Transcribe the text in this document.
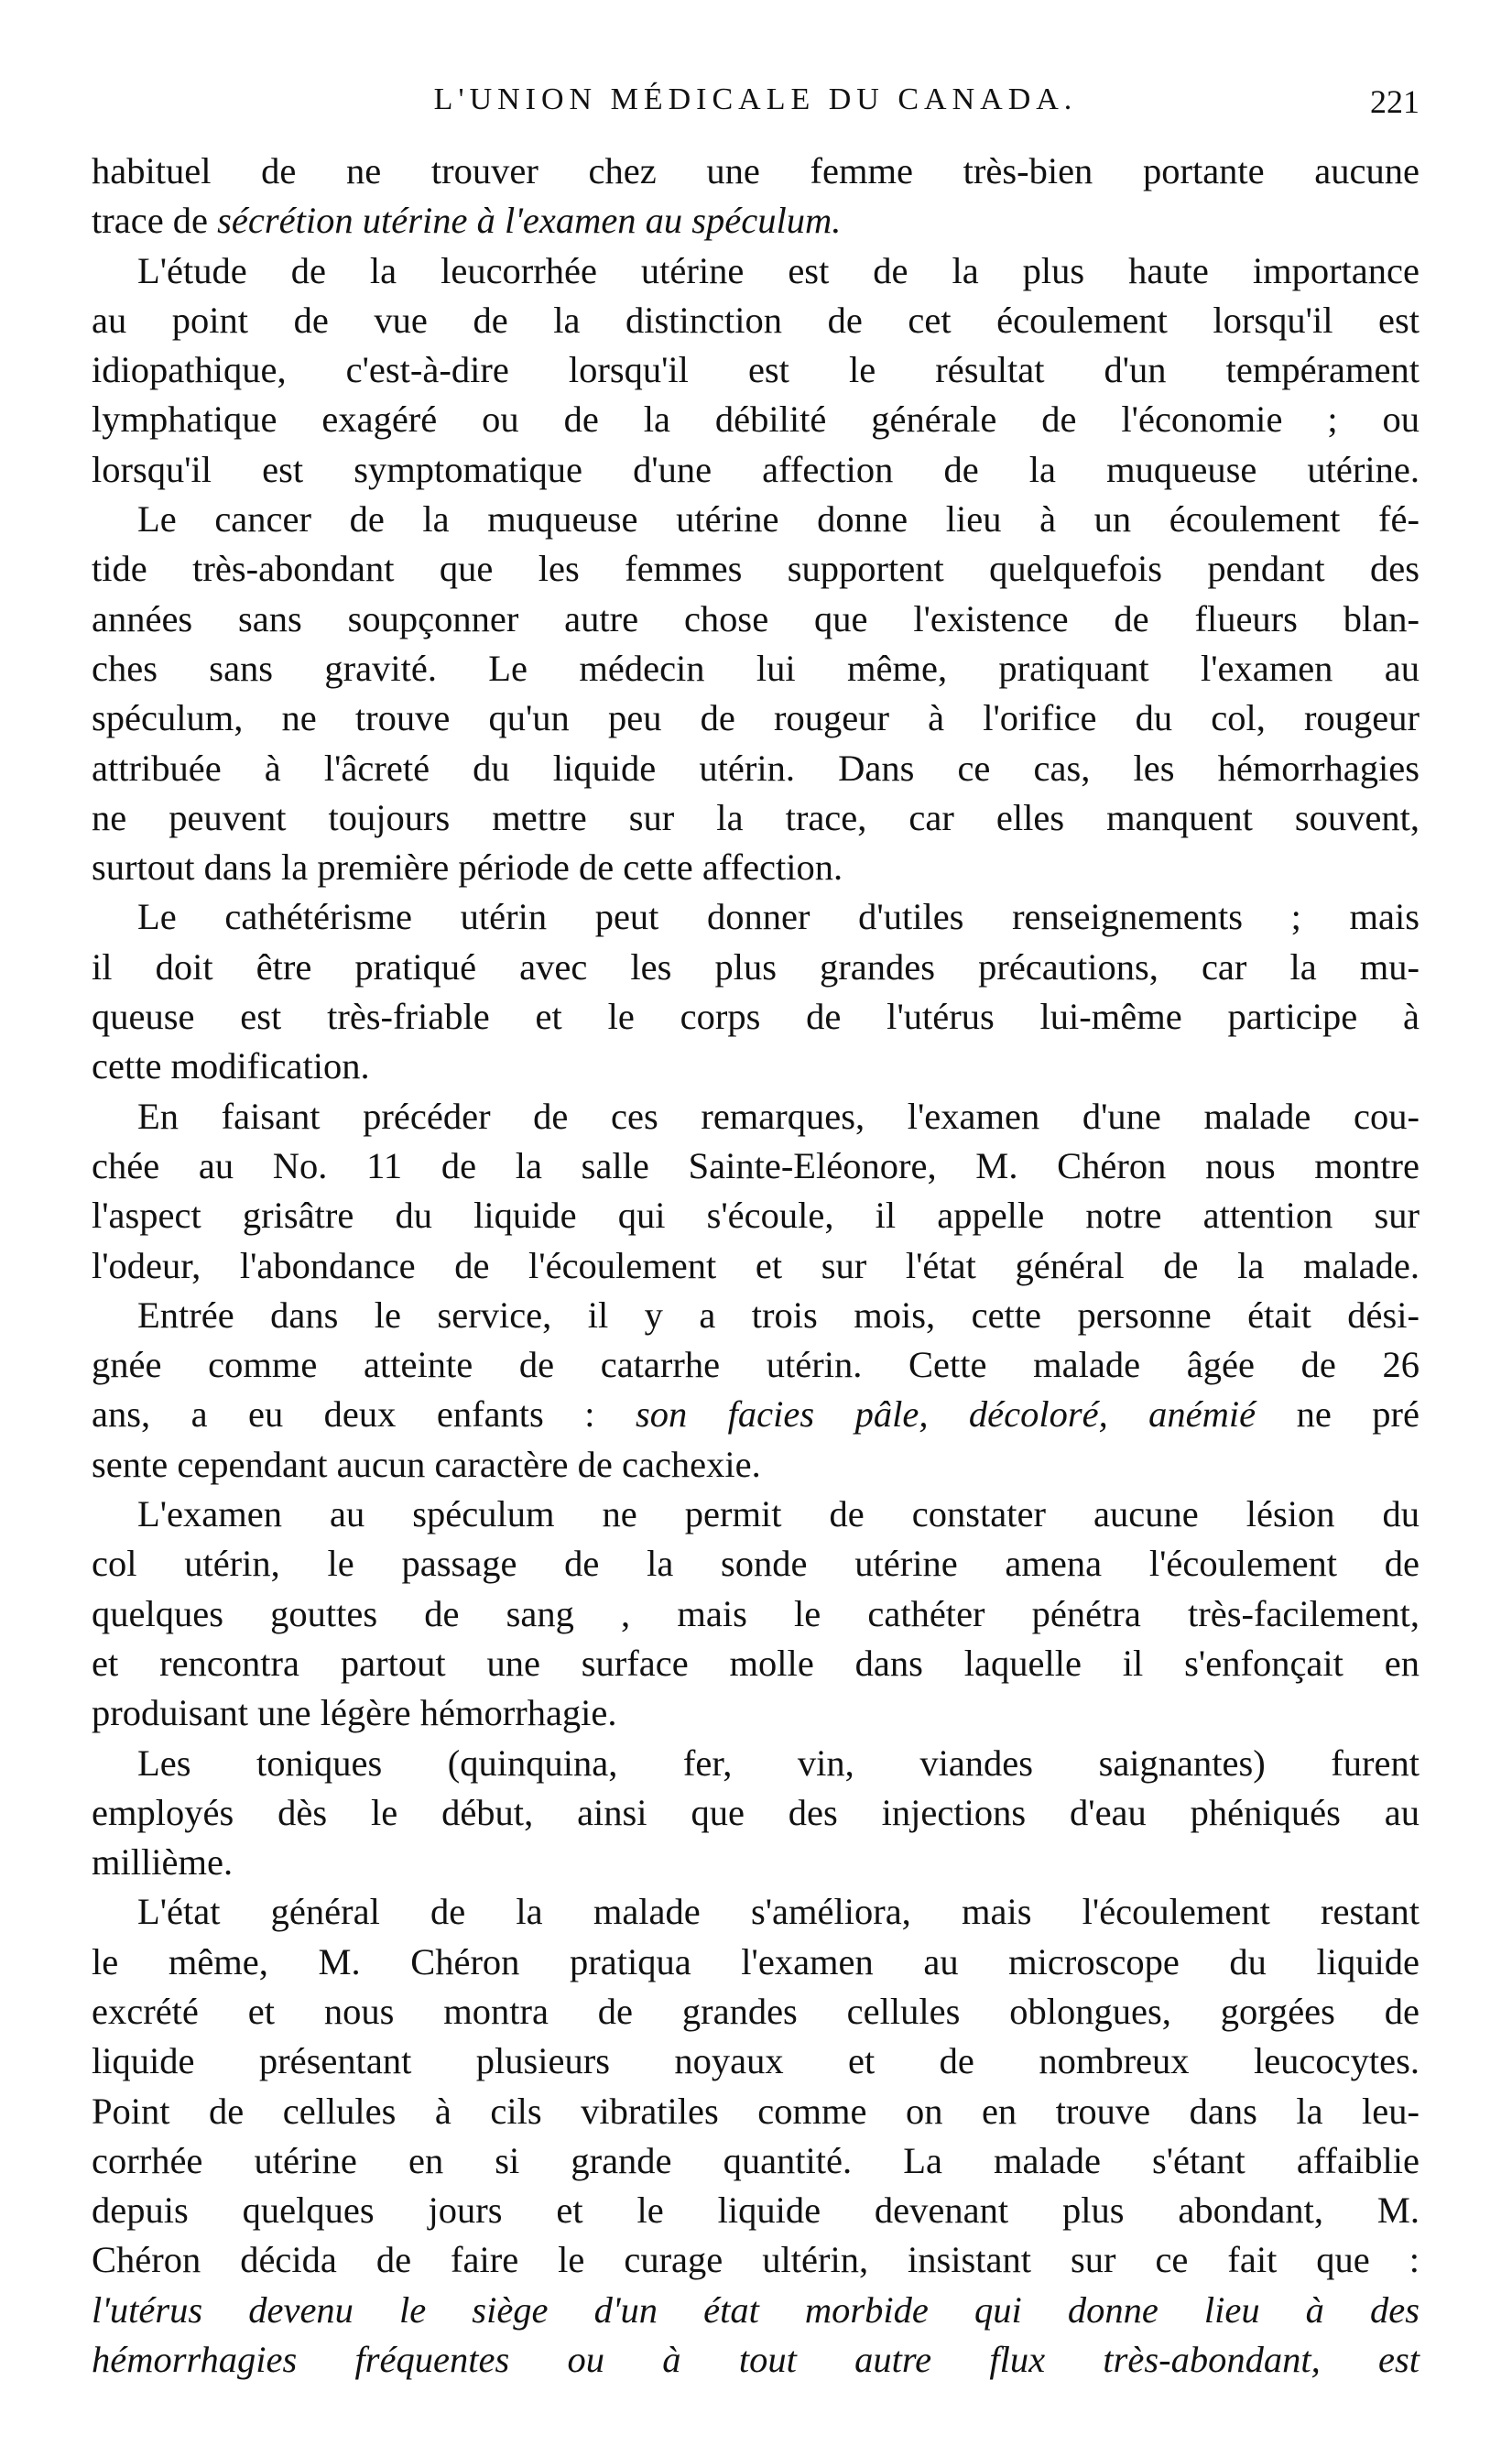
L'UNION MÉDICALE DU CANADA.	221
habituel de ne trouver chez une femme très-bien portante aucune
trace de sécrétion utérine à l'examen au spéculum.
L'étude de la leucorrhée utérine est de la plus haute importance
au point de vue de la distinction de cet écoulement lorsqu'il est
idiopathique, c'est-à-dire lorsqu'il est le résultat d'un tempérament
lymphatique exagéré ou de la débilité générale de l'économie ; ou
lorsqu'il est symptomatique d'une affection de la muqueuse utérine.
Le cancer de la muqueuse utérine donne lieu à un écoulement fé-
tide très-abondant que les femmes supportent quelquefois pendant des
années sans soupçonner autre chose que l'existence de flueurs blan-
ches sans gravité. Le médecin lui même, pratiquant l'examen au
spéculum, ne trouve qu'un peu de rougeur à l'orifice du col, rougeur
attribuée à l'âcreté du liquide utérin. Dans ce cas, les hémorrhagies
ne peuvent toujours mettre sur la trace, car elles manquent souvent,
surtout dans la première période de cette affection.
Le cathétérisme utérin peut donner d'utiles renseignements ; mais
il doit être pratiqué avec les plus grandes précautions, car la mu-
queuse est très-friable et le corps de l'utérus lui-même participe à
cette modification.
En faisant précéder de ces remarques, l'examen d'une malade cou-
chée au No. 11 de la salle Sainte-Eléonore, M. Chéron nous montre
l'aspect grisâtre du liquide qui s'écoule, il appelle notre attention sur
l'odeur, l'abondance de l'écoulement et sur l'état général de la malade.
Entrée dans le service, il y a trois mois, cette personne était dési-
gnée comme atteinte de catarrhe utérin. Cette malade âgée de 26
ans, a eu deux enfants : son facies pâle, décoloré, anémié ne pré
sente cependant aucun caractère de cachexie.
L'examen au spéculum ne permit de constater aucune lésion du
col utérin, le passage de la sonde utérine amena l'écoulement de
quelques gouttes de sang , mais le cathéter pénétra très-facilement,
et rencontra partout une surface molle dans laquelle il s'enfonçait en
produisant une légère hémorrhagie.
Les toniques (quinquina, fer, vin, viandes saignantes) furent
employés dès le début, ainsi que des injections d'eau phéniqués au
millième.
L'état général de la malade s'améliora, mais l'écoulement restant
le même, M. Chéron pratiqua l'examen au microscope du liquide
excrété et nous montra de grandes cellules oblongues, gorgées de
liquide présentant plusieurs noyaux et de nombreux leucocytes.
Point de cellules à cils vibratiles comme on en trouve dans la leu-
corrhée utérine en si grande quantité. La malade s'étant affaiblie
depuis quelques jours et le liquide devenant plus abondant, M.
Chéron décida de faire le curage ultérin, insistant sur ce fait que :
l'utérus devenu le siège d'un état morbide qui donne lieu à des
hémorrhagies fréquentes ou à tout autre flux très-abondant, est
